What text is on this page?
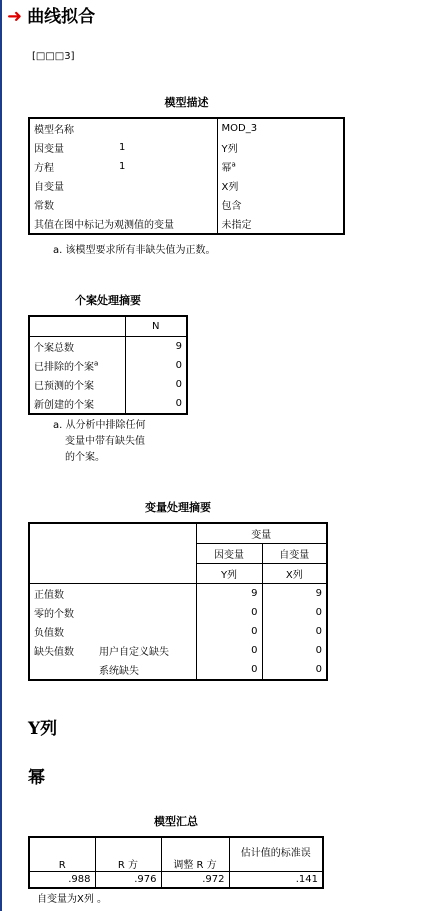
➜ 曲线拟合
[□□□3]
模型描述
模型名称		MOD_3
因变量	1	Y列
方程	1	幂$^a$
自变量		X列
常数		包含
其值在图中标记为观测值的变量		未指定
a. 该模型要求所有非缺失值为正数。
个案处理摘要
	N
个案总数	9
已排除的个案$^a$	0
已预测的个案	0
新创建的个案	0
a. 从分析中排除任何
变量中带有缺失值
的个案。
变量处理摘要
		变量	
		因变量	自变量
		Y列	X列
正值数		9	9
零的个数		0	0
负值数		0	0
缺失值数	用户自定义缺失	0	0
	系统缺失	0	0
Y列
幂
模型汇总
R	R 方	调整 R 方	估计值的标准误
.988	.976	.972	.141
自变量为X列 。
